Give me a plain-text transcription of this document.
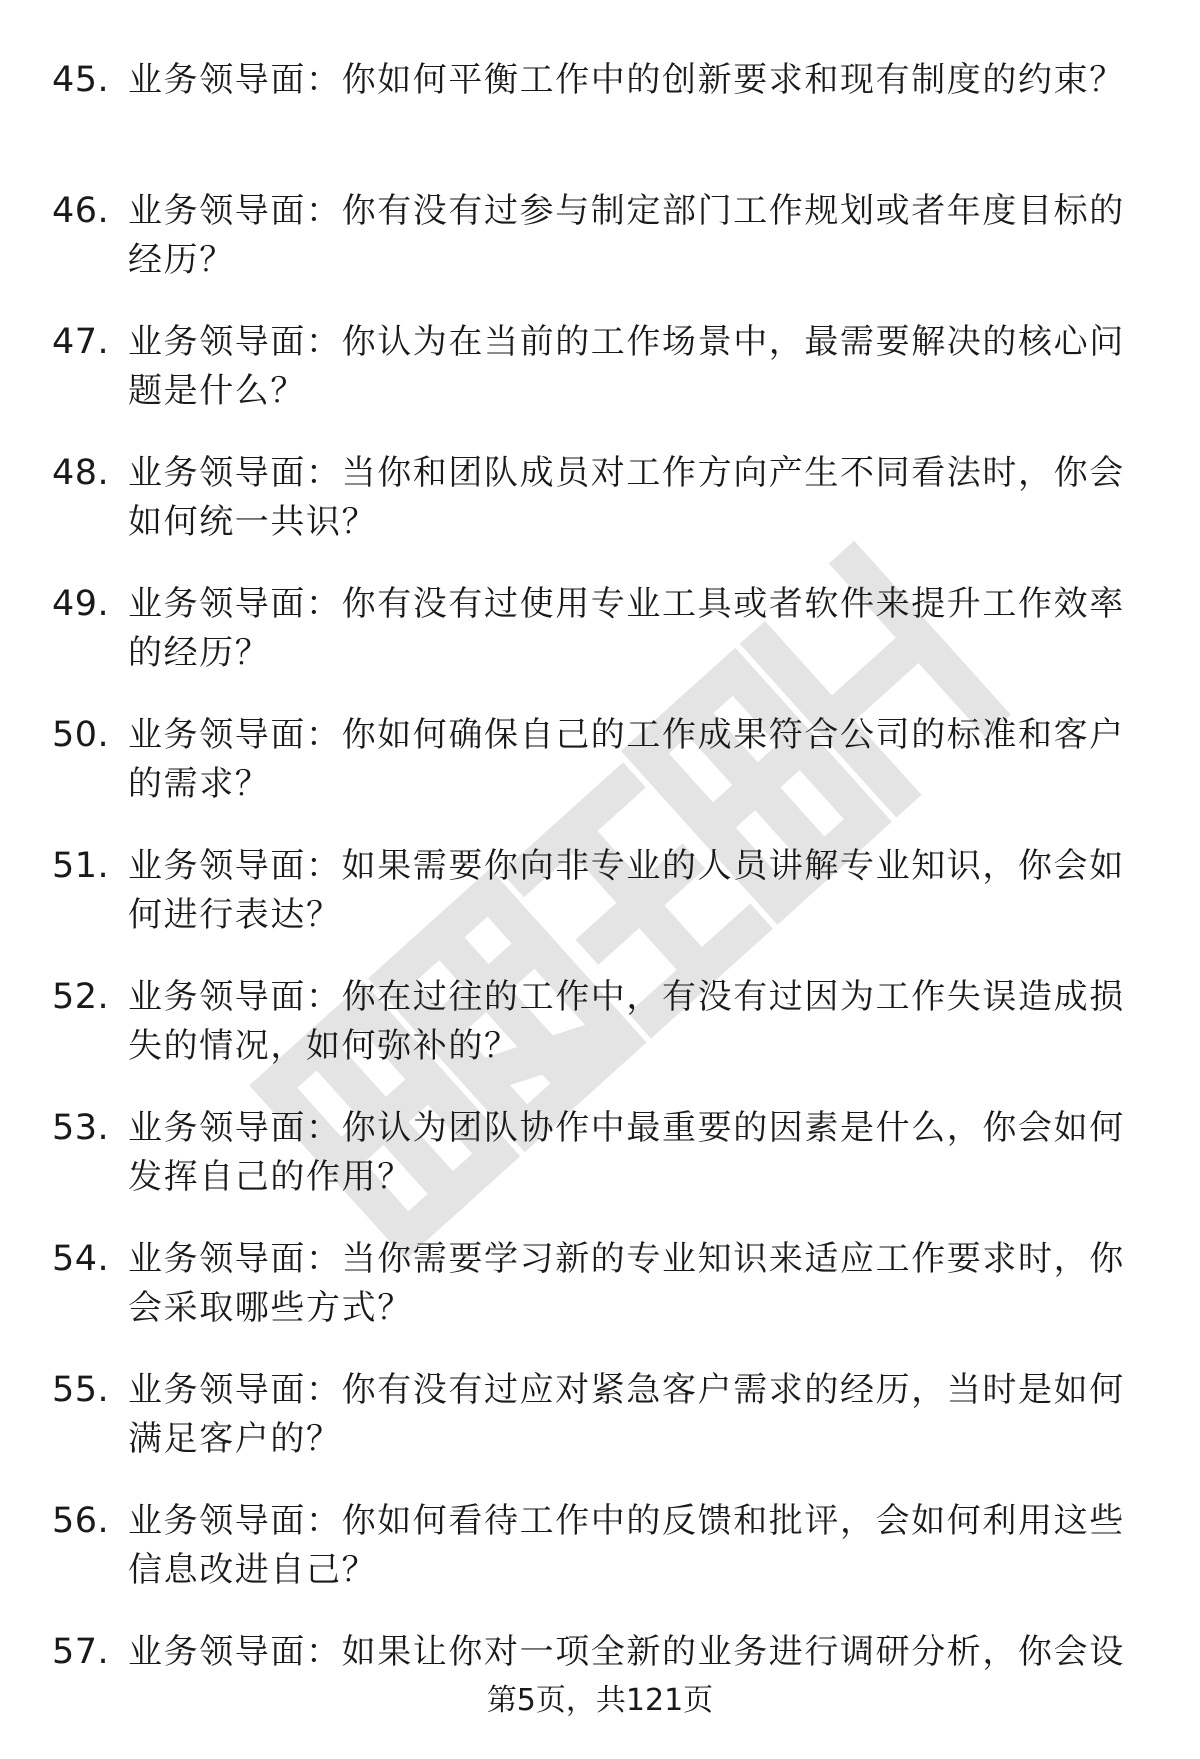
45. 业务领导面：你如何平衡工作中的创新要求和现有制度的约束？
46. 业务领导面：你有没有过参与制定部门工作规划或者年度目标的经历？
47. 业务领导面：你认为在当前的工作场景中，最需要解决的核心问题是什么？
48. 业务领导面：当你和团队成员对工作方向产生不同看法时，你会如何统一共识？
49. 业务领导面：你有没有过使用专业工具或者软件来提升工作效率的经历？
50. 业务领导面：你如何确保自己的工作成果符合公司的标准和客户的需求？
51. 业务领导面：如果需要你向非专业的人员讲解专业知识，你会如何进行表达？
52. 业务领导面：你在过往的工作中，有没有过因为工作失误造成损失的情况，如何弥补的？
53. 业务领导面：你认为团队协作中最重要的因素是什么，你会如何发挥自己的作用？
54. 业务领导面：当你需要学习新的专业知识来适应工作要求时，你会采取哪些方式？
55. 业务领导面：你有没有过应对紧急客户需求的经历，当时是如何满足客户的？
56. 业务领导面：你如何看待工作中的反馈和批评，会如何利用这些信息改进自己？
57. 业务领导面：如果让你对一项全新的业务进行调研分析，你会设
第5页，共121页
